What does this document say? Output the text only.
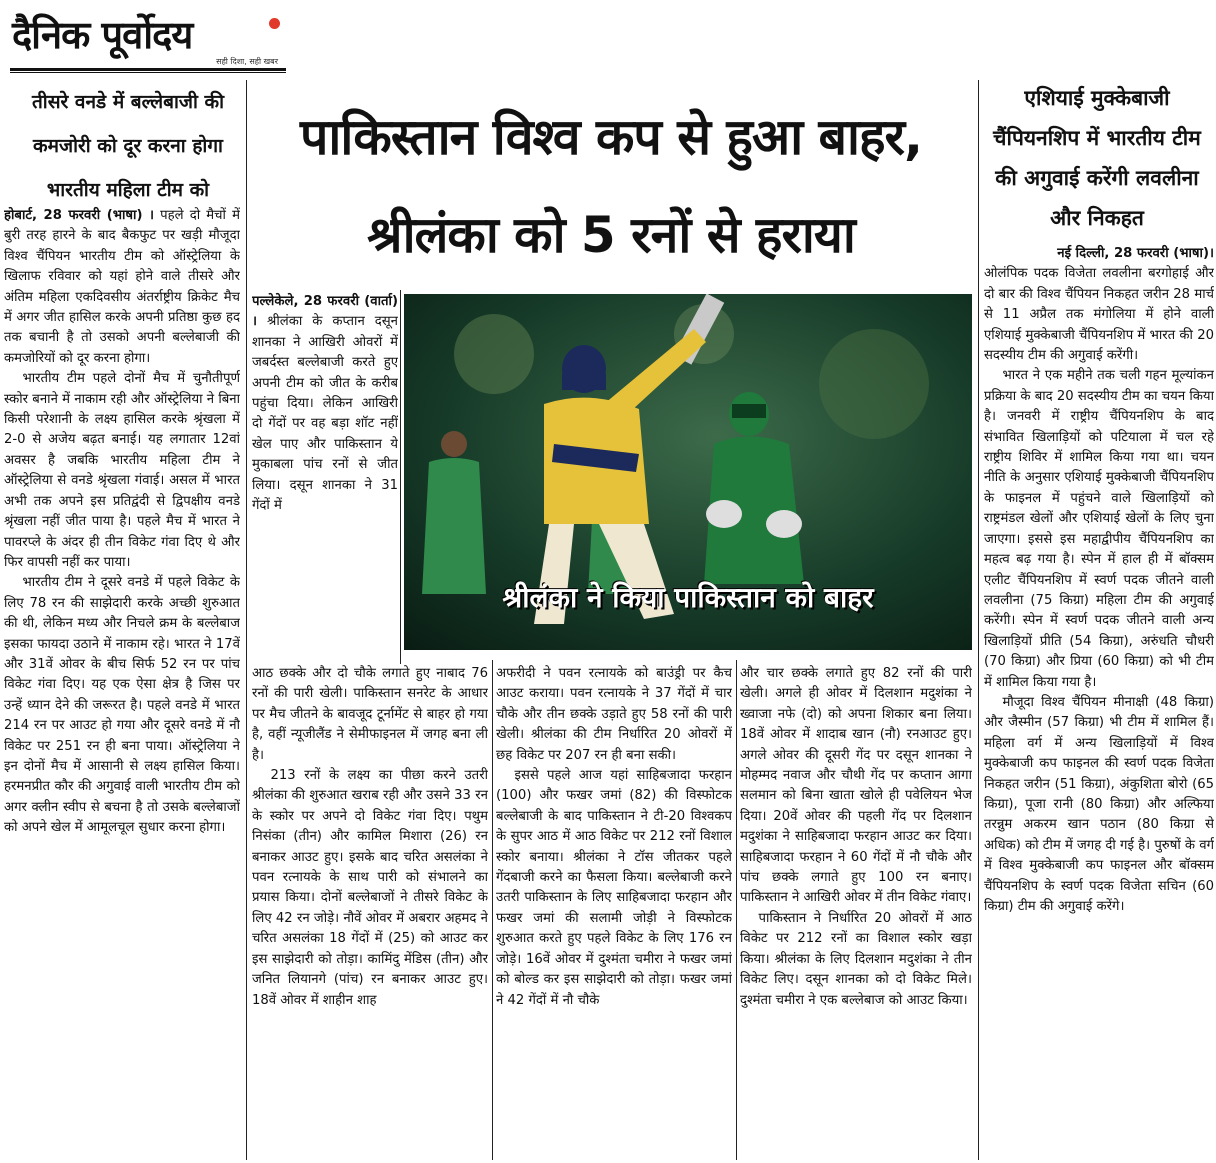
दैनिक पूर्वोदय
सही दिशा, सही खबर
तीसरे वनडे में बल्लेबाजी की कमजोरी को दूर करना होगा भारतीय महिला टीम को

होबार्ट, 28 फरवरी (भाषा) । पहले दो मैचों में बुरी तरह हारने के बाद बैकफुट पर खड़ी मौजूदा विश्व चैंपियन भारतीय टीम को ऑस्ट्रेलिया के खिलाफ रविवार को यहां होने वाले तीसरे और अंतिम महिला एकदिवसीय अंतर्राष्ट्रीय क्रिकेट मैच में अगर जीत हासिल करके अपनी प्रतिष्ठा कुछ हद तक बचानी है तो उसको अपनी बल्लेबाजी की कमजोरियों को दूर करना होगा।

भारतीय टीम पहले दोनों मैच में चुनौतीपूर्ण स्कोर बनाने में नाकाम रही और ऑस्ट्रेलिया ने बिना किसी परेशानी के लक्ष्य हासिल करके श्रृंखला में 2-0 से अजेय बढ़त बनाई। यह लगातार 12वां अवसर है जबकि भारतीय महिला टीम ने ऑस्ट्रेलिया से वनडे श्रृंखला गंवाई। असल में भारत अभी तक अपने इस प्रतिद्वंदी से द्विपक्षीय वनडे श्रृंखला नहीं जीत पाया है। पहले मैच में भारत ने पावरप्ले के अंदर ही तीन विकेट गंवा दिए थे और फिर वापसी नहीं कर पाया।

भारतीय टीम ने दूसरे वनडे में पहले विकेट के लिए 78 रन की साझेदारी करके अच्छी शुरुआत की थी, लेकिन मध्य और निचले क्रम के बल्लेबाज इसका फायदा उठाने में नाकाम रहे। भारत ने 17वें और 31वें ओवर के बीच सिर्फ 52 रन पर पांच विकेट गंवा दिए। यह एक ऐसा क्षेत्र है जिस पर उन्हें ध्यान देने की जरूरत है। पहले वनडे में भारत 214 रन पर आउट हो गया और दूसरे वनडे में नौ विकेट पर 251 रन ही बना पाया। ऑस्ट्रेलिया ने इन दोनों मैच में आसानी से लक्ष्य हासिल किया। हरमनप्रीत कौर की अगुवाई वाली भारतीय टीम को अगर क्लीन स्वीप से बचना है तो उसके बल्लेबाजों को अपने खेल में आमूलचूल सुधार करना होगा।

पाकिस्तान विश्व कप से हुआ बाहर, श्रीलंका को 5 रनों से हराया

पल्लेकेले, 28 फरवरी (वार्ता) । श्रीलंका के कप्तान दसून शानका ने आखिरी ओवरों में जबर्दस्त बल्लेबाजी करते हुए अपनी टीम को जीत के करीब पहुंचा दिया। लेकिन आखिरी दो गेंदों पर वह बड़ा शॉट नहीं खेल पाए और पाकिस्तान ये मुकाबला पांच रनों से जीत लिया। दसून शानका ने 31 गेंदों में

श्रीलंका ने किया पाकिस्तान को बाहर

आठ छक्के और दो चौके लगाते हुए नाबाद 76 रनों की पारी खेली। पाकिस्तान सनरेट के आधार पर मैच जीतने के बावजूद टूर्नामेंट से बाहर हो गया है, वहीं न्यूजीलैंड ने सेमीफाइनल में जगह बना ली है।

213 रनों के लक्ष्य का पीछा करने उतरी श्रीलंका की शुरुआत खराब रही और उसने 33 रन के स्कोर पर अपने दो विकेट गंवा दिए। पथुम निसंका (तीन) और कामिल मिशारा (26) रन बनाकर आउट हुए। इसके बाद चरित असलंका ने पवन रत्नायके के साथ पारी को संभालने का प्रयास किया। दोनों बल्लेबाजों ने तीसरे विकेट के लिए 42 रन जोड़े। नौवें ओवर में अबरार अहमद ने चरित असलंका 18 गेंदों में (25) को आउट कर इस साझेदारी को तोड़ा। कामिंदु मेंडिस (तीन) और जनित लियानगे (पांच) रन बनाकर आउट हुए। 18वें ओवर में शाहीन शाह

अफरीदी ने पवन रत्नायके को बाउंड्री पर कैच आउट कराया। पवन रत्नायके ने 37 गेंदों में चार चौके और तीन छक्के उड़ाते हुए 58 रनों की पारी खेली। श्रीलंका की टीम निर्धारित 20 ओवरों में छह विकेट पर 207 रन ही बना सकी।

इससे पहले आज यहां साहिबजादा फरहान (100) और फखर जमां (82) की विस्फोटक बल्लेबाजी के बाद पाकिस्तान ने टी-20 विश्वकप के सुपर आठ में आठ विकेट पर 212 रनों विशाल स्कोर बनाया। श्रीलंका ने टॉस जीतकर पहले गेंदबाजी करने का फैसला किया। बल्लेबाजी करने उतरी पाकिस्तान के लिए साहिबजादा फरहान और फखर जमां की सलामी जोड़ी ने विस्फोटक शुरुआत करते हुए पहले विकेट के लिए 176 रन जोड़े। 16वें ओवर में दुश्मंता चमीरा ने फखर जमां को बोल्ड कर इस साझेदारी को तोड़ा। फखर जमां ने 42 गेंदों में नौ चौके

और चार छक्के लगाते हुए 82 रनों की पारी खेली। अगले ही ओवर में दिलशान मदुशंका ने ख्वाजा नफे (दो) को अपना शिकार बना लिया। 18वें ओवर में शादाब खान (नौ) रनआउट हुए। अगले ओवर की दूसरी गेंद पर दसून शानका ने मोहम्मद नवाज और चौथी गेंद पर कप्तान आगा सलमान को बिना खाता खोले ही पवेलियन भेज दिया। 20वें ओवर की पहली गेंद पर दिलशान मदुशंका ने साहिबजादा फरहान आउट कर दिया। साहिबजादा फरहान ने 60 गेंदों में नौ चौके और पांच छक्के लगाते हुए 100 रन बनाए। पाकिस्तान ने आखिरी ओवर में तीन विकेट गंवाए।

पाकिस्तान ने निर्धारित 20 ओवरों में आठ विकेट पर 212 रनों का विशाल स्कोर खड़ा किया। श्रीलंका के लिए दिलशान मदुशंका ने तीन विकेट लिए। दसून शानका को दो विकेट मिले। दुश्मंता चमीरा ने एक बल्लेबाज को आउट किया।

एशियाई मुक्केबाजी चैंपियनशिप में भारतीय टीम की अगुवाई करेंगी लवलीना और निकहत

नई दिल्ली, 28 फरवरी (भाषा)।

ओलंपिक पदक विजेता लवलीना बरगोहाई और दो बार की विश्व चैंपियन निकहत जरीन 28 मार्च से 11 अप्रैल तक मंगोलिया में होने वाली एशियाई मुक्केबाजी चैंपियनशिप में भारत की 20 सदस्यीय टीम की अगुवाई करेंगी।

भारत ने एक महीने तक चली गहन मूल्यांकन प्रक्रिया के बाद 20 सदस्यीय टीम का चयन किया है। जनवरी में राष्ट्रीय चैंपियनशिप के बाद संभावित खिलाड़ियों को पटियाला में चल रहे राष्ट्रीय शिविर में शामिल किया गया था। चयन नीति के अनुसार एशियाई मुक्केबाजी चैंपियनशिप के फाइनल में पहुंचने वाले खिलाड़ियों को राष्ट्रमंडल खेलों और एशियाई खेलों के लिए चुना जाएगा। इससे इस महाद्वीपीय चैंपियनशिप का महत्व बढ़ गया है। स्पेन में हाल ही में बॉक्सम एलीट चैंपियनशिप में स्वर्ण पदक जीतने वाली लवलीना (75 किग्रा) महिला टीम की अगुवाई करेंगी। स्पेन में स्वर्ण पदक जीतने वाली अन्य खिलाड़ियों प्रीति (54 किग्रा), अरुंधति चौधरी (70 किग्रा) और प्रिया (60 किग्रा) को भी टीम में शामिल किया गया है।

मौजूदा विश्व चैंपियन मीनाक्षी (48 किग्रा) और जैस्मीन (57 किग्रा) भी टीम में शामिल हैं। महिला वर्ग में अन्य खिलाड़ियों में विश्व मुक्केबाजी कप फाइनल की स्वर्ण पदक विजेता निकहत जरीन (51 किग्रा), अंकुशिता बोरो (65 किग्रा), पूजा रानी (80 किग्रा) और अल्फिया तरन्नुम अकरम खान पठान (80 किग्रा से अधिक) को टीम में जगह दी गई है। पुरुषों के वर्ग में विश्व मुक्केबाजी कप फाइनल और बॉक्सम चैंपियनशिप के स्वर्ण पदक विजेता सचिन (60 किग्रा) टीम की अगुवाई करेंगे।
